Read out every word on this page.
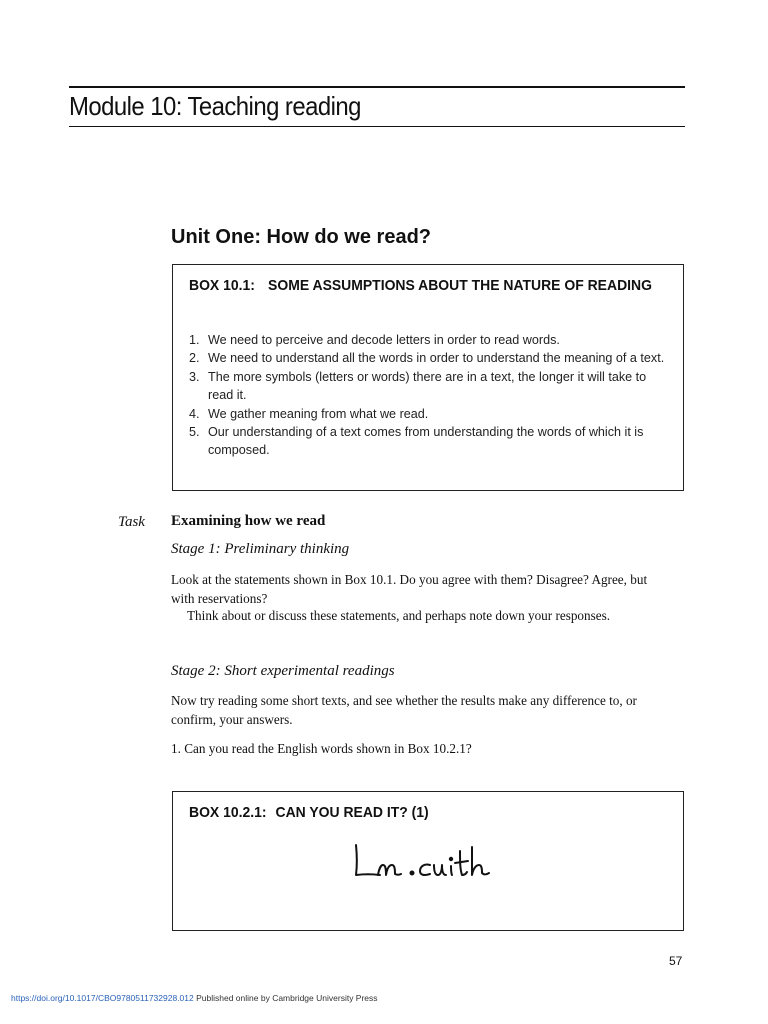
Module 10: Teaching reading
Unit One: How do we read?
BOX 10.1: SOME ASSUMPTIONS ABOUT THE NATURE OF READING
1. We need to perceive and decode letters in order to read words.
2. We need to understand all the words in order to understand the meaning of a text.
3. The more symbols (letters or words) there are in a text, the longer it will take to read it.
4. We gather meaning from what we read.
5. Our understanding of a text comes from understanding the words of which it is composed.
Task Examining how we read
Stage 1: Preliminary thinking

Look at the statements shown in Box 10.1. Do you agree with them? Disagree? Agree, but with reservations?

Think about or discuss these statements, and perhaps note down your responses.

Stage 2: Short experimental readings

Now try reading some short texts, and see whether the results make any difference to, or confirm, your answers.

1. Can you read the English words shown in Box 10.2.1?

BOX 10.2.1: CAN YOU READ IT? (1)
57
https://doi.org/10.1017/CBO9780511732928.012 Published online by Cambridge University Press
